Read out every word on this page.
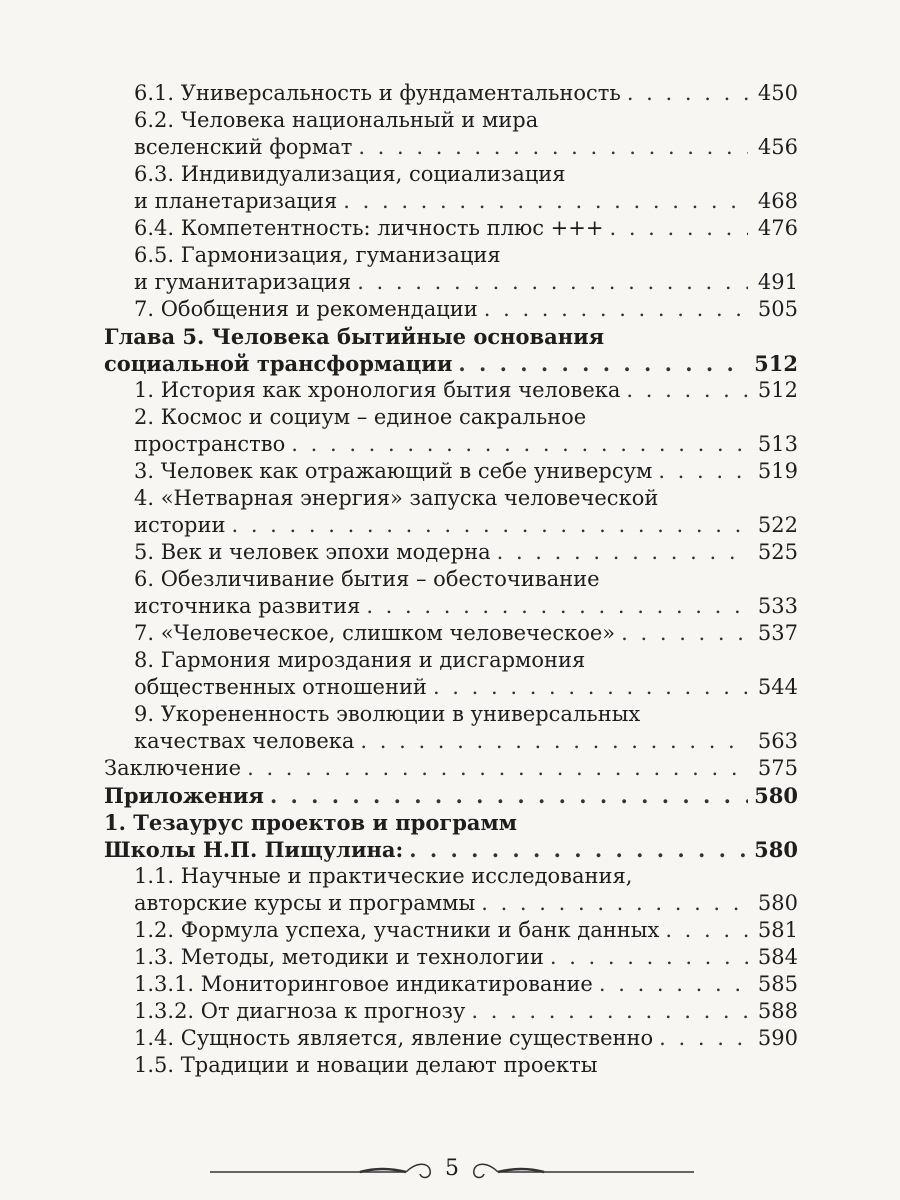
6.1. Универсальность и фундаментальность . . .	450
6.2. Человека национальный и мира
вселенский формат . . .	456
6.3. Индивидуализация, социализация
и планетаризация . . .	468
6.4. Компетентность: личность плюс +++ . . .	476
6.5. Гармонизация, гуманизация
и гуманитаризация . . .	491
7. Обобщения и рекомендации . . .	505
Глава 5. Человека бытийные основания
социальной трансформации . . .	512
1. История как хронология бытия человека . . .	512
2. Космос и социум – единое сакральное
пространство . . .	513
3. Человек как отражающий в себе универсум . . .	519
4. «Нетварная энергия» запуска человеческой
истории . . .	522
5. Век и человек эпохи модерна . . .	525
6. Обезличивание бытия – обесточивание
источника развития . . .	533
7. «Человеческое, слишком человеческое» . . .	537
8. Гармония мироздания и дисгармония
общественных отношений . . .	544
9. Укорененность эволюции в универсальных
качествах человека . . .	563
Заключение . . .	575
Приложения . . .	580
1. Тезаурус проектов и программ
Школы Н.П. Пищулина: . . .	580
1.1. Научные и практические исследования,
авторские курсы и программы . . .	580
1.2. Формула успеха, участники и банк данных . . .	581
1.3. Методы, методики и технологии . . .	584
1.3.1. Мониторинговое индикатирование . . .	585
1.3.2. От диагноза к прогнозу . . .	588
1.4. Сущность является, явление существенно . . .	590
1.5. Традиции и новации делают проекты
5
